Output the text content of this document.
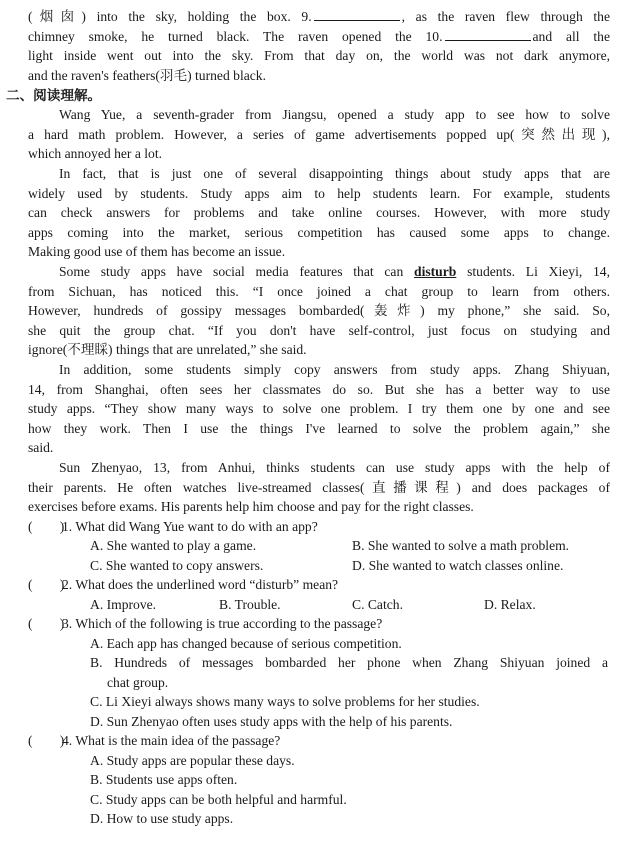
(烟囱) into the sky, holding the box. 9.	, as the raven flew through the
chimney smoke, he turned black. The raven opened the 10.	and all the
light inside went out into the sky. From that day on, the world was not dark anymore,
and the raven's feathers(羽毛) turned black.
二、阅读理解。
Wang Yue, a seventh-grader from Jiangsu, opened a study app to see how to solve
a hard math problem. However, a series of game advertisements popped up(突然出现),
which annoyed her a lot.
In fact, that is just one of several disappointing things about study apps that are
widely used by students. Study apps aim to help students learn. For example, students
can check answers for problems and take online courses. However, with more study
apps coming into the market, serious competition has caused some apps to change.
Making good use of them has become an issue.
Some study apps have social media features that can disturb students. Li Xieyi, 14,
from Sichuan, has noticed this. “I once joined a chat group to learn from others.
However, hundreds of gossipy messages bombarded(轰炸) my phone,” she said. So,
she quit the group chat. “If you don't have self-control, just focus on studying and
ignore(不理睬) things that are unrelated,” she said.
In addition, some students simply copy answers from study apps. Zhang Shiyuan,
14, from Shanghai, often sees her classmates do so. But she has a better way to use
study apps. “They show many ways to solve one problem. I try them one by one and see
how they work. Then I use the things I've learned to solve the problem again,” she
said.
Sun Zhenyao, 13, from Anhui, thinks students can use study apps with the help of
their parents. He often watches live-streamed classes(直播课程) and does packages of
exercises before exams. His parents help him choose and pay for the right classes.
(　　)1. What did Wang Yue want to do with an app?
A. She wanted to play a game.	B. She wanted to solve a math problem.
C. She wanted to copy answers.	D. She wanted to watch classes online.
(　　)2. What does the underlined word “disturb” mean?
A. Improve.	B. Trouble.	C. Catch.	D. Relax.
(　　)3. Which of the following is true according to the passage?
A. Each app has changed because of serious competition.
B. Hundreds of messages bombarded her phone when Zhang Shiyuan joined a
chat group.
C. Li Xieyi always shows many ways to solve problems for her studies.
D. Sun Zhenyao often uses study apps with the help of his parents.
(　　)4. What is the main idea of the passage?
A. Study apps are popular these days.
B. Students use apps often.
C. Study apps can be both helpful and harmful.
D. How to use study apps.
